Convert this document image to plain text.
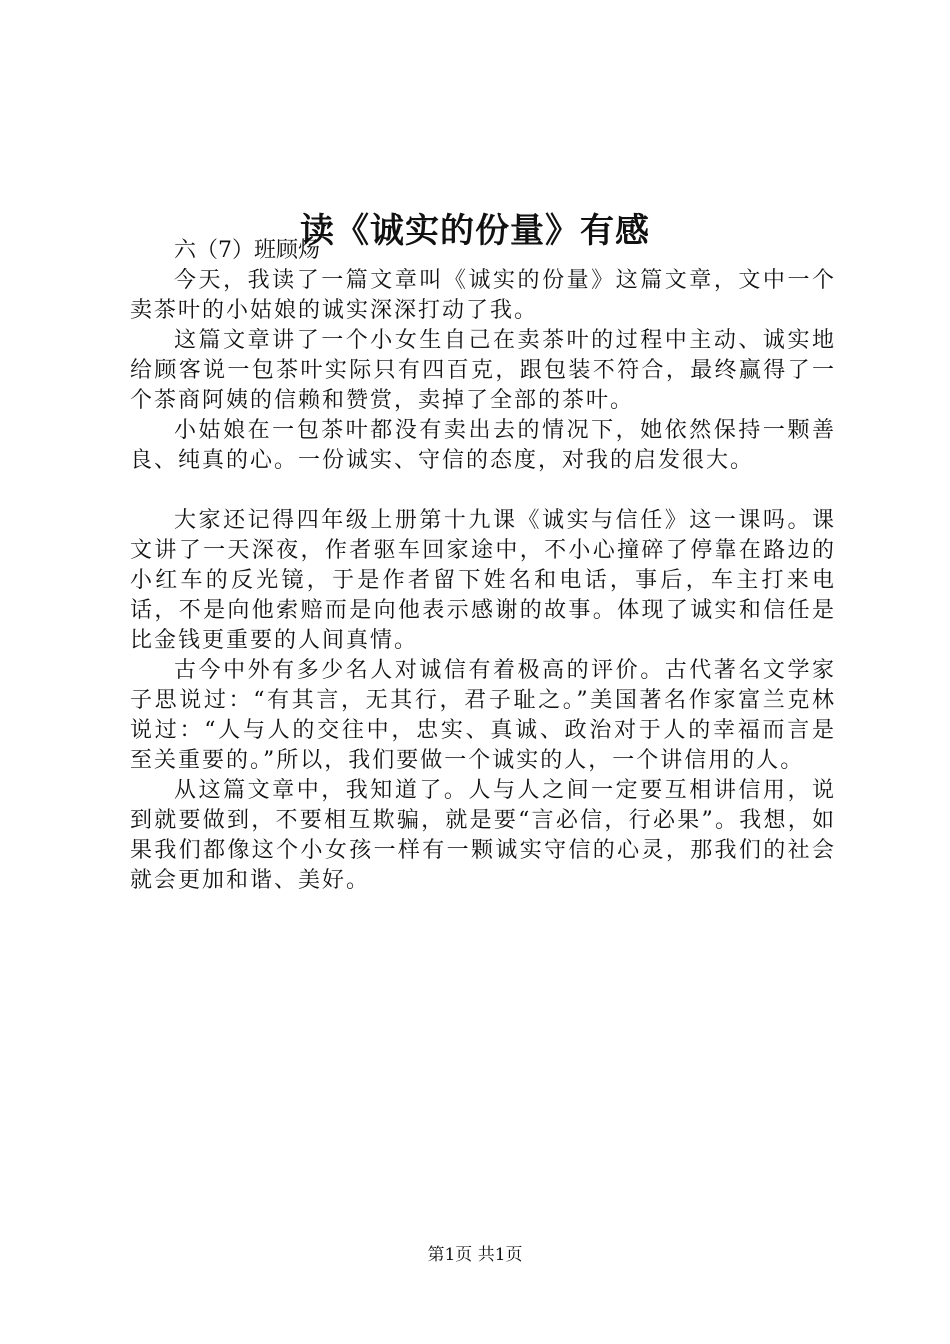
读《诚实的份量》有感

六（7）班顾炀

今天，我读了一篇文章叫《诚实的份量》这篇文章，文中一个卖茶叶的小姑娘的诚实深深打动了我。

这篇文章讲了一个小女生自己在卖茶叶的过程中主动、诚实地给顾客说一包茶叶实际只有四百克，跟包装不符合，最终赢得了一个茶商阿姨的信赖和赞赏，卖掉了全部的茶叶。

小姑娘在一包茶叶都没有卖出去的情况下，她依然保持一颗善良、纯真的心。一份诚实、守信的态度，对我的启发很大。

大家还记得四年级上册第十九课《诚实与信任》这一课吗。课文讲了一天深夜，作者驱车回家途中，不小心撞碎了停靠在路边的小红车的反光镜，于是作者留下姓名和电话，事后，车主打来电话，不是向他索赔而是向他表示感谢的故事。体现了诚实和信任是比金钱更重要的人间真情。

古今中外有多少名人对诚信有着极高的评价。古代著名文学家子思说过：“有其言，无其行，君子耻之。”美国著名作家富兰克林说过：“人与人的交往中，忠实、真诚、政治对于人的幸福而言是至关重要的。”所以，我们要做一个诚实的人，一个讲信用的人。

从这篇文章中，我知道了。人与人之间一定要互相讲信用，说到就要做到，不要相互欺骗，就是要“言必信，行必果”。我想，如果我们都像这个小女孩一样有一颗诚实守信的心灵，那我们的社会就会更加和谐、美好。

第1页 共1页
